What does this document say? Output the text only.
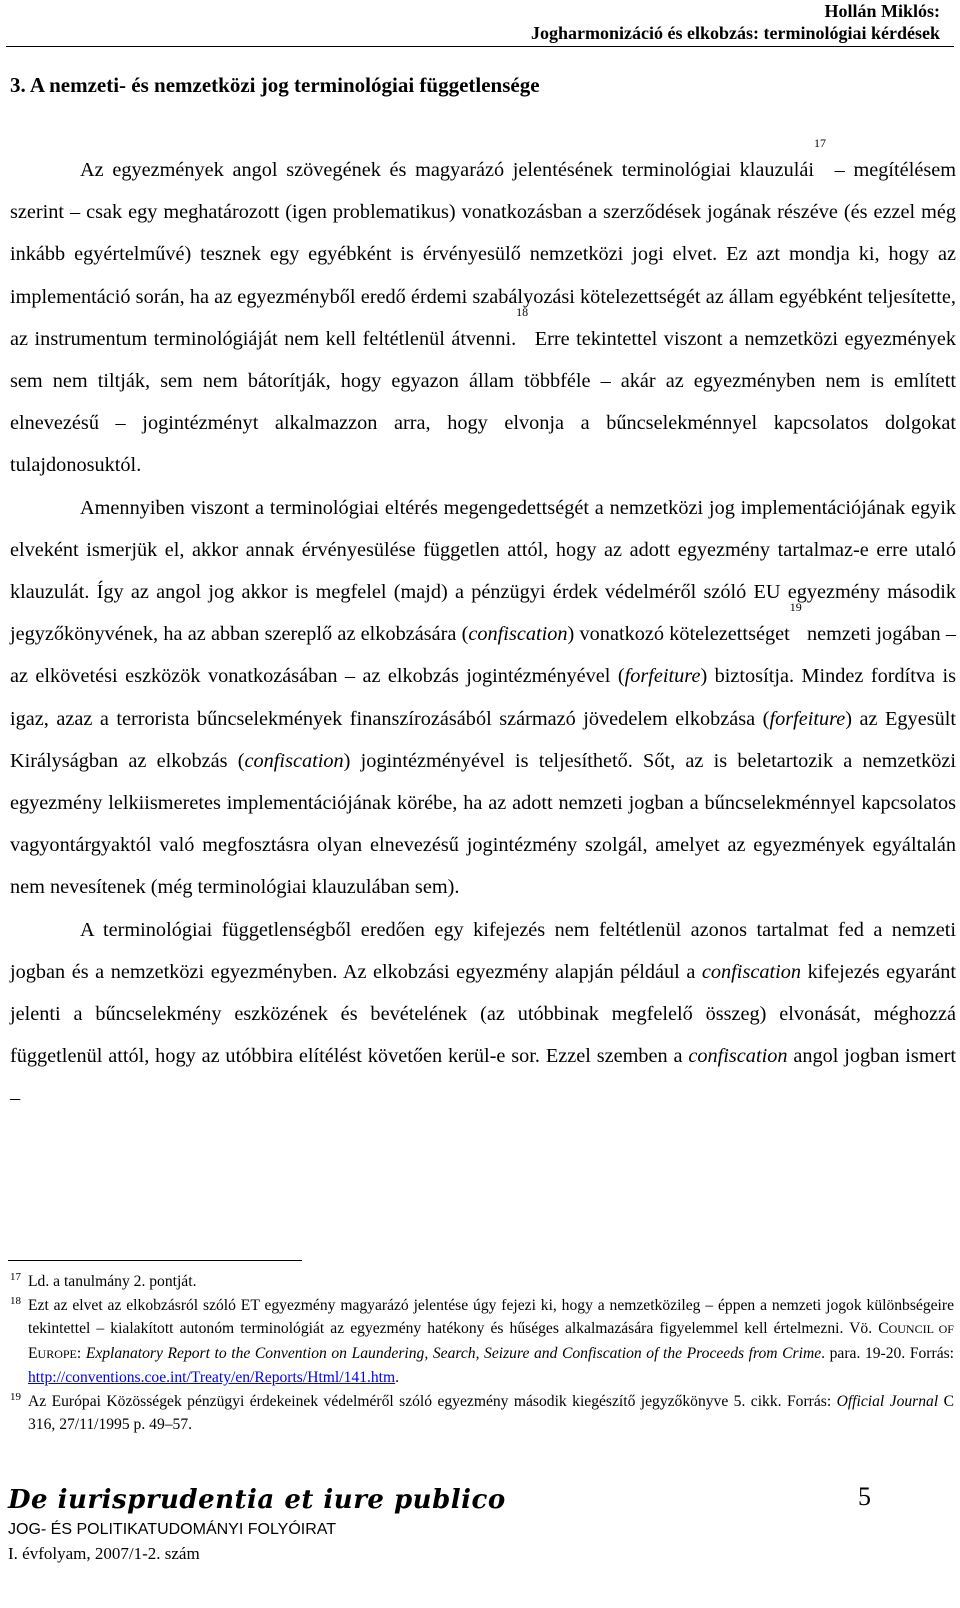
Hollán Miklós:
Jogharmonizáció és elkobzás: terminológiai kérdések
3. A nemzeti- és nemzetközi jog terminológiai függetlensége

Az egyezmények angol szövegének és magyarázó jelentésének terminológiai klauzulái$^{17}$ – megítélésem szerint – csak egy meghatározott (igen problematikus) vonatkozásban a szerződések jogának részéve (és ezzel még inkább egyértelművé) tesznek egy egyébként is érvényesülő nemzetközi jogi elvet. Ez azt mondja ki, hogy az implementáció során, ha az egyezményből eredő érdemi szabályozási kötelezettségét az állam egyébként teljesítette, az instrumentum terminológiáját nem kell feltétlenül átvenni.$^{18}$ Erre tekintettel viszont a nemzetközi egyezmények sem nem tiltják, sem nem bátorítják, hogy egyazon állam többféle – akár az egyezményben nem is említett elnevezésű – jogintézményt alkalmazzon arra, hogy elvonja a bűncselekménnyel kapcsolatos dolgokat tulajdonosuktól.

Amennyiben viszont a terminológiai eltérés megengedettségét a nemzetközi jog implementációjának egyik elveként ismerjük el, akkor annak érvényesülése független attól, hogy az adott egyezmény tartalmaz-e erre utaló klauzulát. Így az angol jog akkor is megfelel (majd) a pénzügyi érdek védelméről szóló EU egyezmény második jegyzőkönyvének, ha az abban szereplő az elkobzására (confiscation) vonatkozó kötelezettséget$^{19}$ nemzeti jogában – az elkövetési eszközök vonatkozásában – az elkobzás jogintézményével (forfeiture) biztosítja. Mindez fordítva is igaz, azaz a terrorista bűncselekmények finanszírozásából származó jövedelem elkobzása (forfeiture) az Egyesült Királyságban az elkobzás (confiscation) jogintézményével is teljesíthető. Sőt, az is beletartozik a nemzetközi egyezmény lelkiismeretes implementációjának körébe, ha az adott nemzeti jogban a bűncselekménnyel kapcsolatos vagyontárgyaktól való megfosztásra olyan elnevezésű jogintézmény szolgál, amelyet az egyezmények egyáltalán nem nevesítenek (még terminológiai klauzulában sem).

A terminológiai függetlenségből eredően egy kifejezés nem feltétlenül azonos tartalmat fed a nemzeti jogban és a nemzetközi egyezményben. Az elkobzási egyezmény alapján például a confiscation kifejezés egyaránt jelenti a bűncselekmény eszközének és bevételének (az utóbbinak megfelelő összeg) elvonását, méghozzá függetlenül attól, hogy az utóbbira elítélést követően kerül-e sor. Ezzel szemben a confiscation angol jogban ismert –

17 Ld. a tanulmány 2. pontját.
18 Ezt az elvet az elkobzásról szóló ET egyezmény magyarázó jelentése úgy fejezi ki, hogy a nemzetközileg – éppen a nemzeti jogok különbségeire tekintettel – kialakított autonóm terminológiát az egyezmény hatékony és hűséges alkalmazására figyelemmel kell értelmezni. Vö. COUNCIL OF EUROPE: Explanatory Report to the Convention on Laundering, Search, Seizure and Confiscation of the Proceeds from Crime. para. 19-20. Forrás: http://conventions.coe.int/Treaty/en/Reports/Html/141.htm.
19 Az Európai Közösségek pénzügyi érdekeinek védelméről szóló egyezmény második kiegészítő jegyzőkönyve 5. cikk. Forrás: Official Journal C 316, 27/11/1995 p. 49–57.
De iurisprudentia et iure publico	5
JOG- ÉS POLITIKATUDOMÁNYI FOLYÓIRAT
I. évfolyam, 2007/1-2. szám
